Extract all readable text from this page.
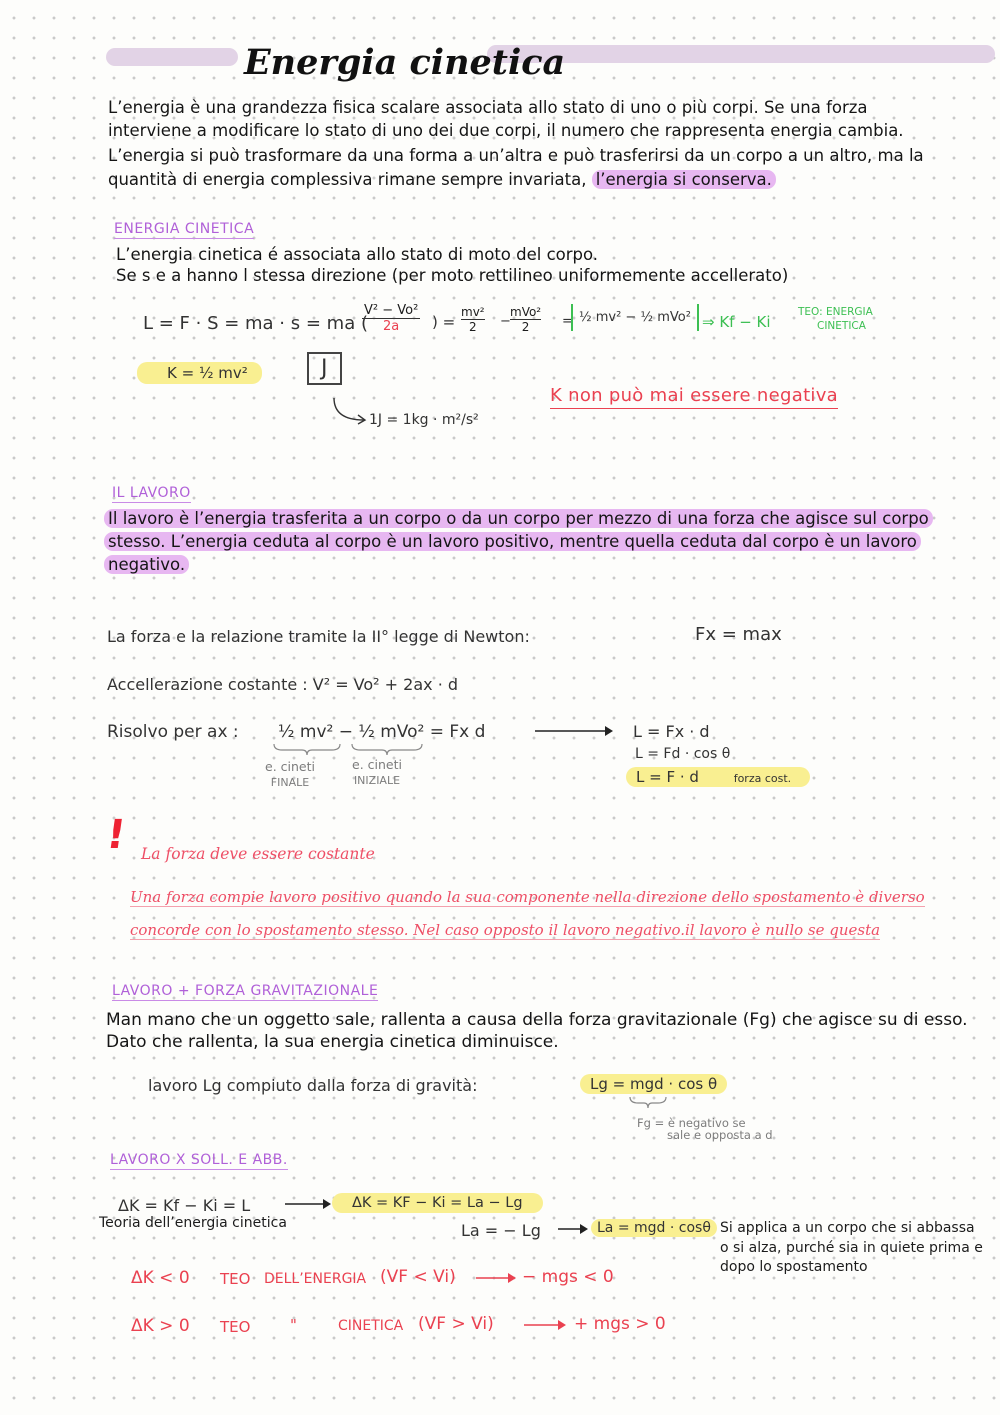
Energia cinetica
L’energia è una grandezza fisica scalare associata allo stato di uno o più corpi. Se una forza
interviene a modificare lo stato di uno dei due corpi, il numero che rappresenta energia cambia.
L’energia si può trasformare da una forma a un’altra e può trasferirsi da un corpo a un altro, ma la
quantità di energia complessiva rimane sempre invariata, l’energia si conserva.
ENERGIA CINETICA
L’energia cinetica é associata allo stato di moto del corpo.
Se s e a hanno l stessa direzione (per moto rettilineo uniformemente accellerato)
L = F · S = ma · s = ma (
$\frac{\text{V² − Vo²}}{2a}$ ) = $\frac{\text{mv²}}{2}$ −
mVo²
2	= ½ mv² − ½ mVo² ⇒ Kf − Ki
TEO: ENERGIA
CINETICA
K = ½ mv²	J
1J = 1kg · m²/s²
K non può mai essere negativa
IL LAVORO
Il lavoro è l’energia trasferita a un corpo o da un corpo per mezzo di una forza che agisce sul corpo
stesso. L’energia ceduta al corpo è un lavoro positivo, mentre quella ceduta dal corpo è un lavoro
negativo.
La forza e la relazione tramite la II° legge di Newton:	Fx = max
Accellerazione costante : V² = Vo² + 2ax · d
Risolvo per ax : ½ mv² − ½ mVo² = Fx d
e. cineti
FINALE
e. cineti
INIZIALE
L = Fx · d
L = Fd · cos θ
L = F · d	forza cost.
! La forza deve essere costante
Una forza compie lavoro positivo quando la sua componente nella direzione dello spostamento è diverso
concorde con lo spostamento stesso. Nel caso opposto il lavoro negativo.il lavoro è nullo se questa
LAVORO + FORZA GRAVITAZIONALE
Man mano che un oggetto sale, rallenta a causa della forza gravitazionale (Fg) che agisce su di esso.
Dato che rallenta, la sua energia cinetica diminuisce.
lavoro Lg compiuto dalla forza di gravità:	Lg = mgd · cos θ
Fg = è negativo se
sale e opposta a d
LAVORO X SOLL. E ABB.
ΔK = Kf − Ki = L
Teoria dell’energia cinetica
ΔK = KF − Ki = La − Lg
La = − Lg	La = mgd · cosθ Si applica a un corpo che si abbassa
o si alza, purché sia in quiete prima e
dopo lo spostamento
ΔK < 0 TEO DELL’ENERGIA (VF < Vi)	− mgs < 0
ΔK > 0 TEO	"	CINETICA (VF > Vi)	+ mgs > 0
